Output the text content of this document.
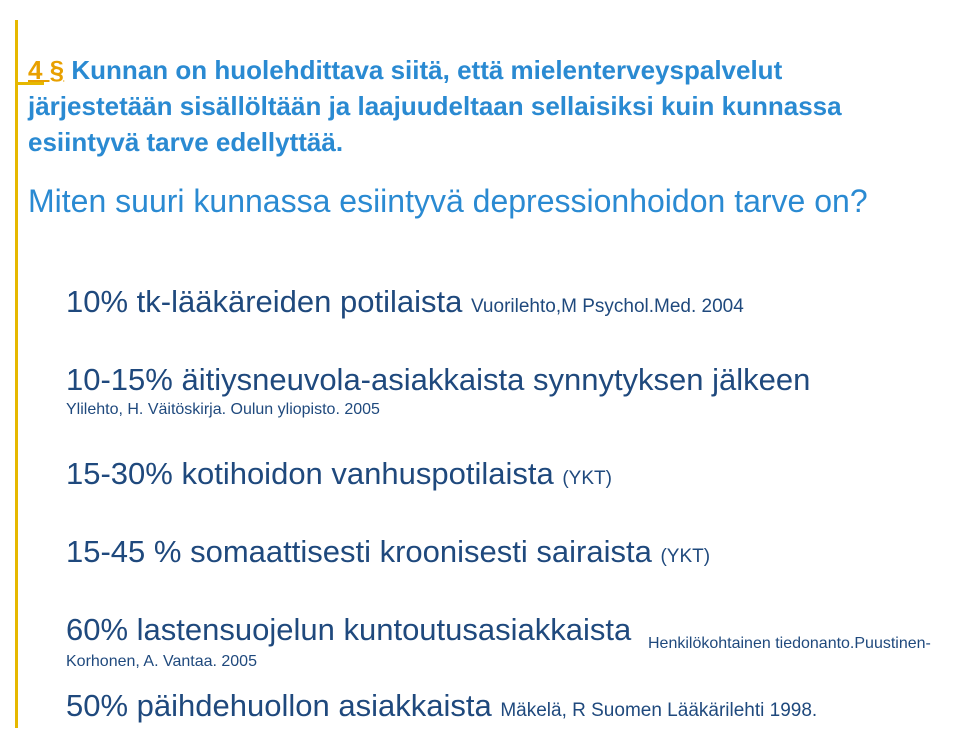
4 § Kunnan on huolehdittava siitä, että mielenterveyspalvelut järjestetään sisällöltään ja laajuudeltaan sellaisiksi kuin kunnassa esiintyvä tarve edellyttää.
Miten suuri kunnassa esiintyvä depressionhoidon tarve on?
10% tk-lääkäreiden potilaista Vuorilehto,M Psychol.Med. 2004
10-15% äitiysneuvola-asiakkaista synnytyksen jälkeen
Ylilehto, H. Väitöskirja. Oulun yliopisto. 2005
15-30% kotihoidon vanhuspotilaista (YKT)
15-45 % somaattisesti kroonisesti sairaista (YKT)
60% lastensuojelun kuntoutusasiakkaista Henkilökohtainen tiedonanto.Puustinen-
Korhonen, A. Vantaa. 2005
50% päihdehuollon asiakkaista Mäkelä, R Suomen Lääkärilehti 1998.
